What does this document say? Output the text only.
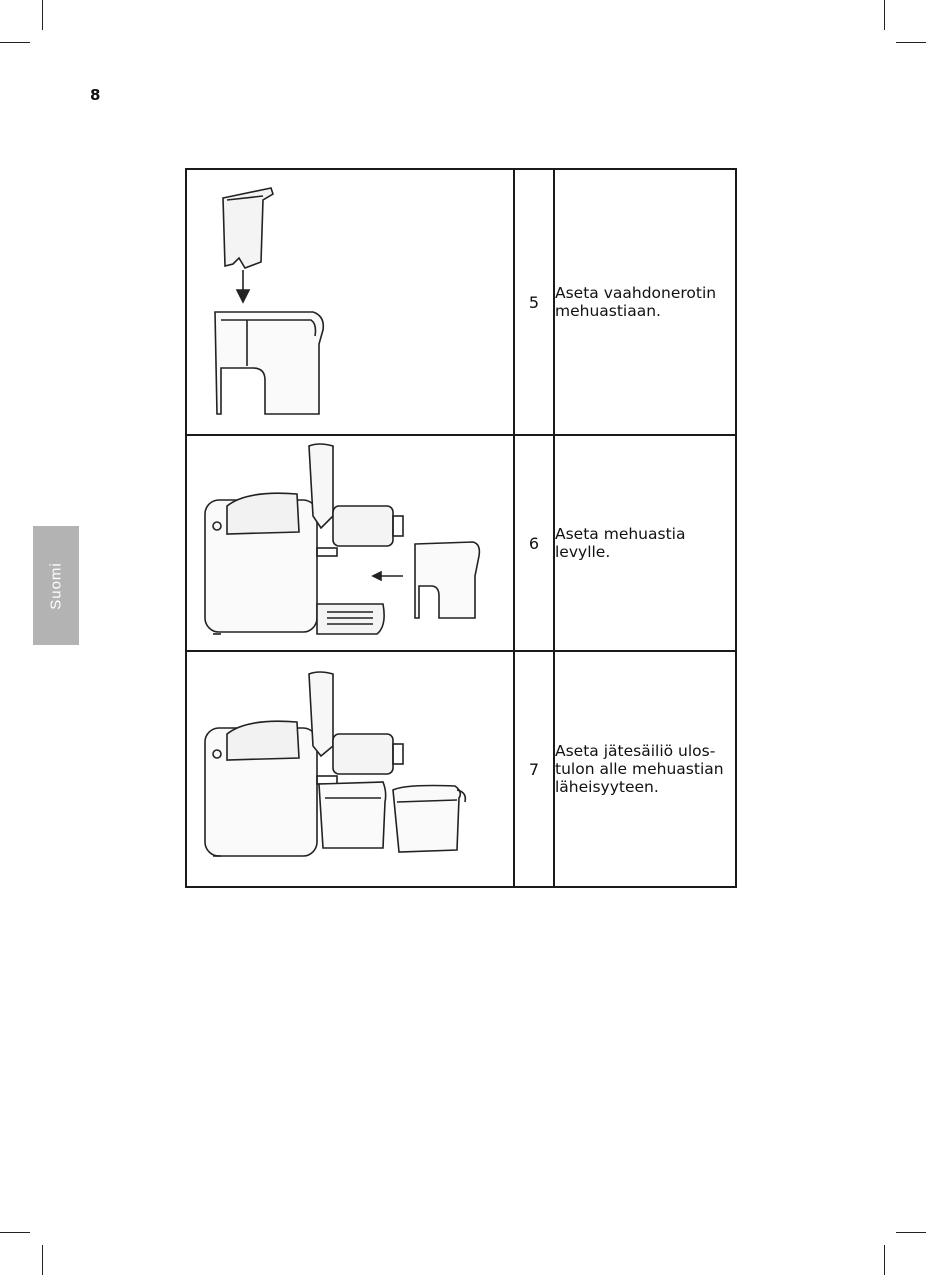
8
Suomi
	5	Aseta vaahdonerotin
mehuastiaan.

	6	Aseta mehuastia
levylle.

	7	Aseta jätesäiliö ulos-
tulon alle mehuastian
läheisyyteen.
